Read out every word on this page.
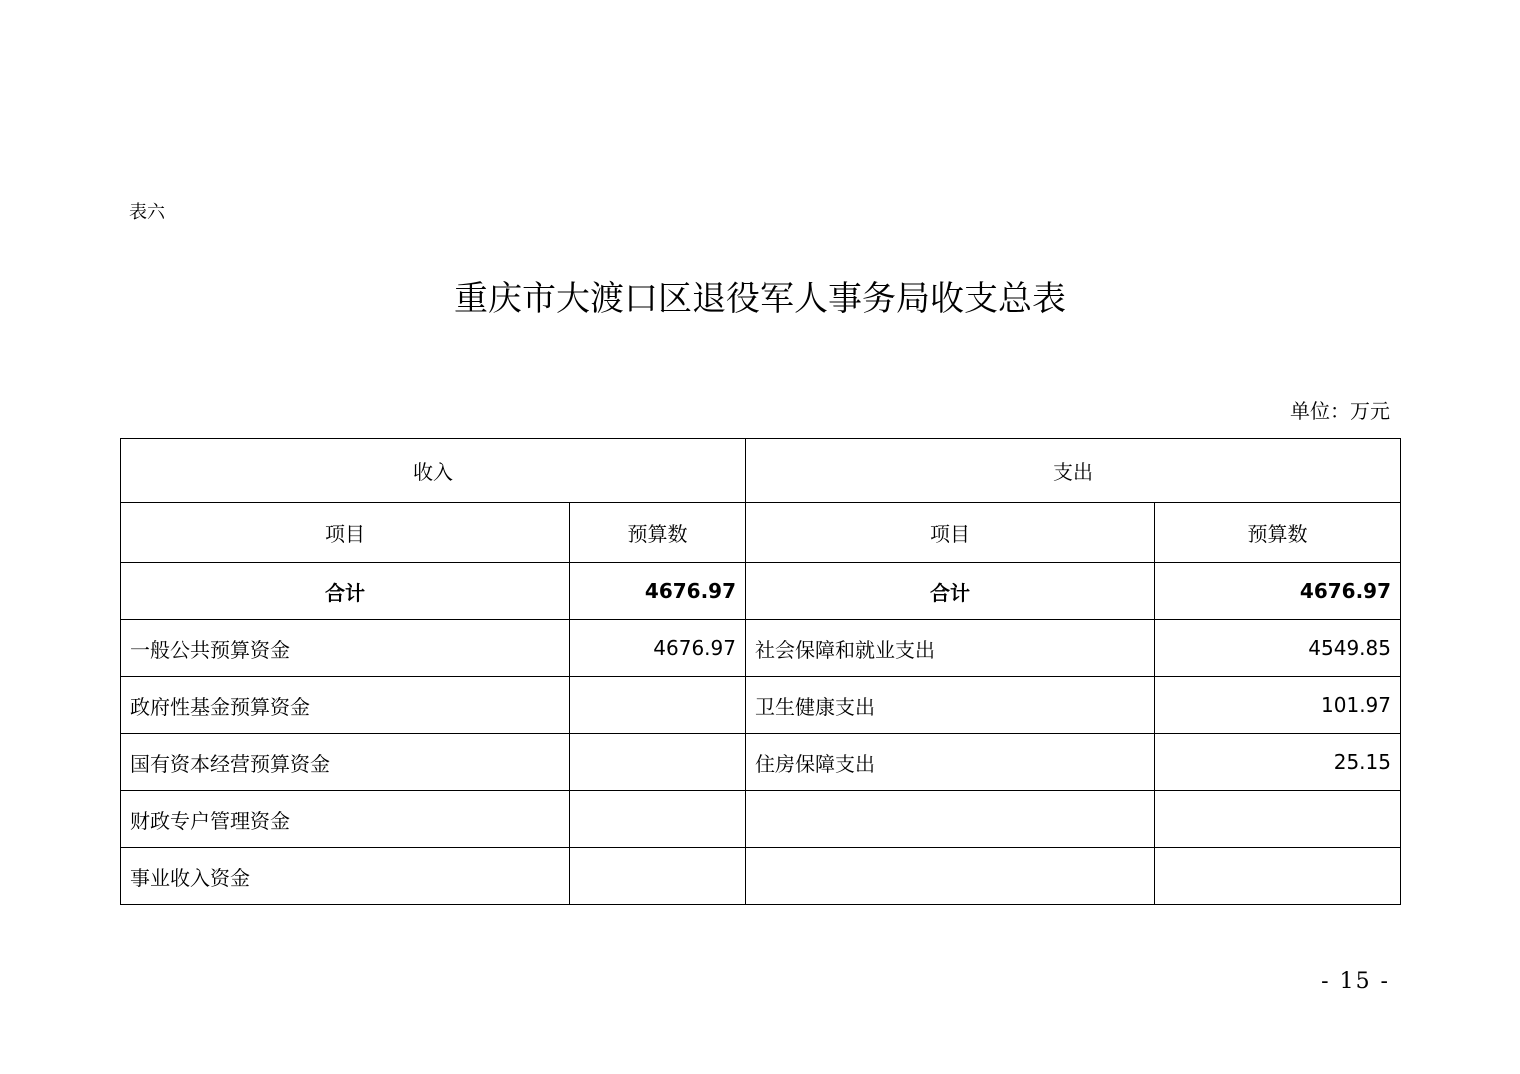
表六
重庆市大渡口区退役军人事务局收支总表
单位：万元
收入		支出	
项目	预算数	项目	预算数
合计	4676.97	合计	4676.97
一般公共预算资金	4676.97	社会保障和就业支出	4549.85
政府性基金预算资金		卫生健康支出	101.97
国有资本经营预算资金		住房保障支出	25.15
财政专户管理资金			
事业收入资金			
- 15 -
